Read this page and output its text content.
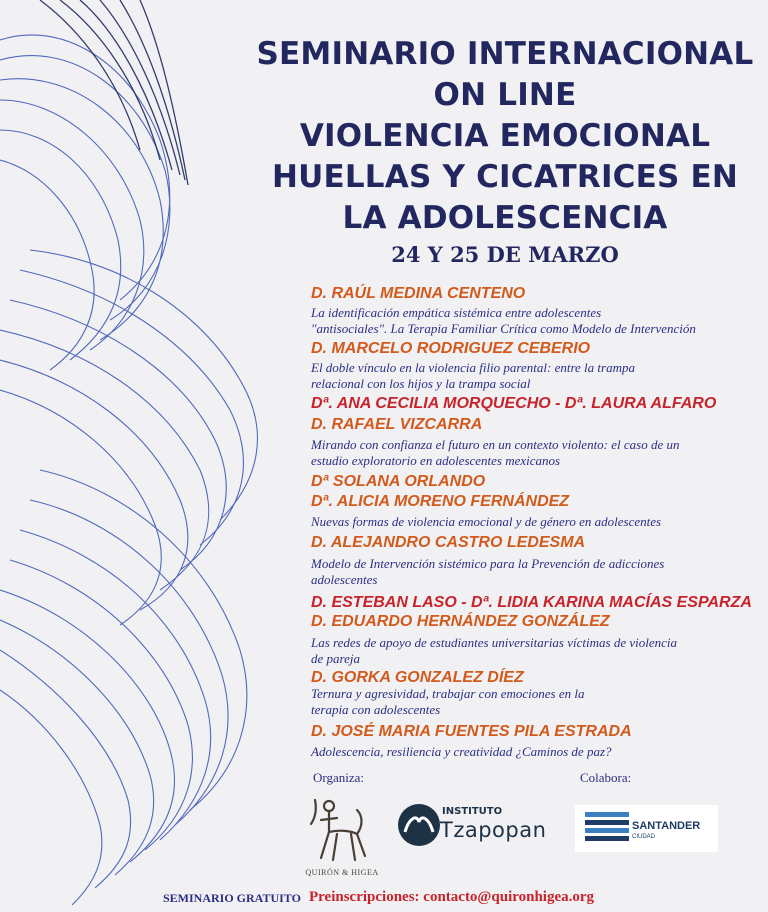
SEMINARIO INTERNACIONAL
ON LINE
VIOLENCIA EMOCIONAL
HUELLAS Y CICATRICES EN
LA ADOLESCENCIA
24 Y 25 DE MARZO
D. RAÚL MEDINA CENTENO
La identificación empática sistémica entre adolescentes
"antisociales". La Terapia Familiar Crítica como Modelo de Intervención
D. MARCELO RODRIGUEZ CEBERIO
El doble vínculo en la violencia filio parental: entre la trampa
relacional con los hijos y la trampa social
Dª. ANA CECILIA MORQUECHO - Dª. LAURA ALFARO
D. RAFAEL VIZCARRA
Mirando con confianza el futuro en un contexto violento: el caso de un
estudio exploratorio en adolescentes mexicanos
Dª SOLANA ORLANDO
Dª. ALICIA MORENO FERNÁNDEZ
Nuevas formas de violencia emocional y de género en adolescentes
D. ALEJANDRO CASTRO LEDESMA
Modelo de Intervención sistémico para la Prevención de adicciones
adolescentes
D. ESTEBAN LASO - Dª. LIDIA KARINA MACÍAS ESPARZA
D. EDUARDO HERNÁNDEZ GONZÁLEZ
Las redes de apoyo de estudiantes universitarias víctimas de violencia
de pareja
D. GORKA GONZALEZ DÍEZ
Ternura y agresividad, trabajar con emociones en la
terapia con adolescentes
D. JOSÉ MARIA FUENTES PILA ESTRADA
Adolescencia, resiliencia y creatividad ¿Caminos de paz?
Organiza:	Colabora:
QUIRÓN & HIGEA
INSTITUTO
Tzapopan	SANTANDER
CIUDAD
SEMINARIO GRATUITO Preinscripciones: contacto@quironhigea.org
